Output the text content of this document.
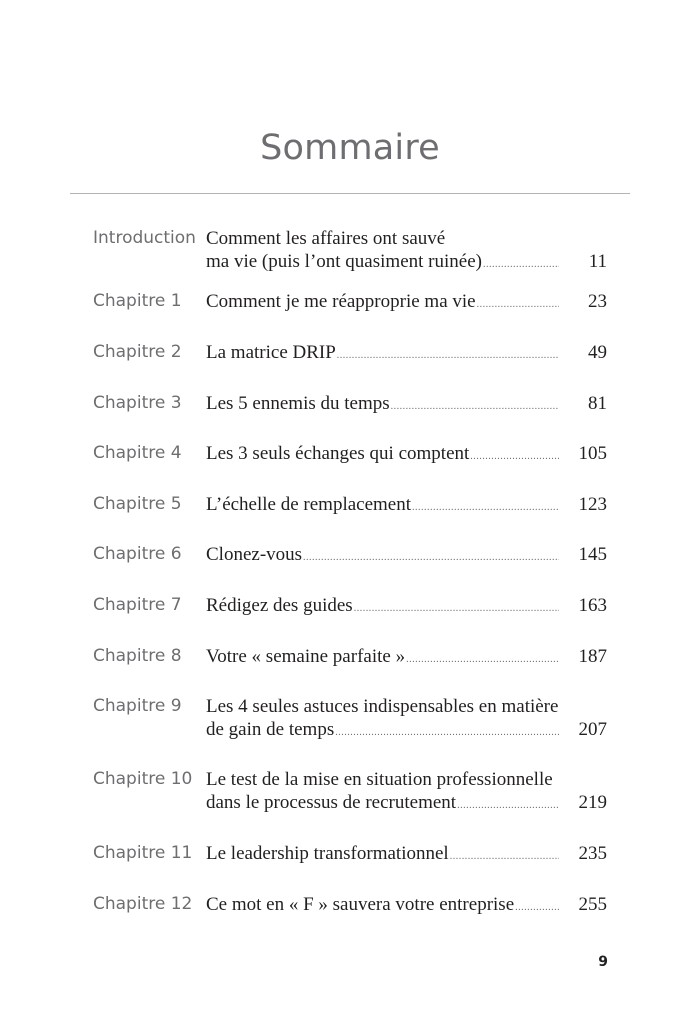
Sommaire
Introduction Comment les affaires ont sauvé
ma vie (puis l’ont quasiment ruinée) .....	11
Chapitre 1 Comment je me réapproprie ma vie .....	23
Chapitre 2 La matrice DRIP .....	49
Chapitre 3 Les 5 ennemis du temps .....	81
Chapitre 4 Les 3 seuls échanges qui comptent .....	105
Chapitre 5 L’échelle de remplacement .....	123
Chapitre 6 Clonez-vous .....	145
Chapitre 7 Rédigez des guides .....	163
Chapitre 8 Votre « semaine parfaite » .....	187
Chapitre 9 Les 4 seules astuces indispensables en matière
de gain de temps .....	207
Chapitre 10 Le test de la mise en situation professionnelle
dans le processus de recrutement .....	219
Chapitre 11 Le leadership transformationnel .....	235
Chapitre 12 Ce mot en « F » sauvera votre entreprise .....	255
9
